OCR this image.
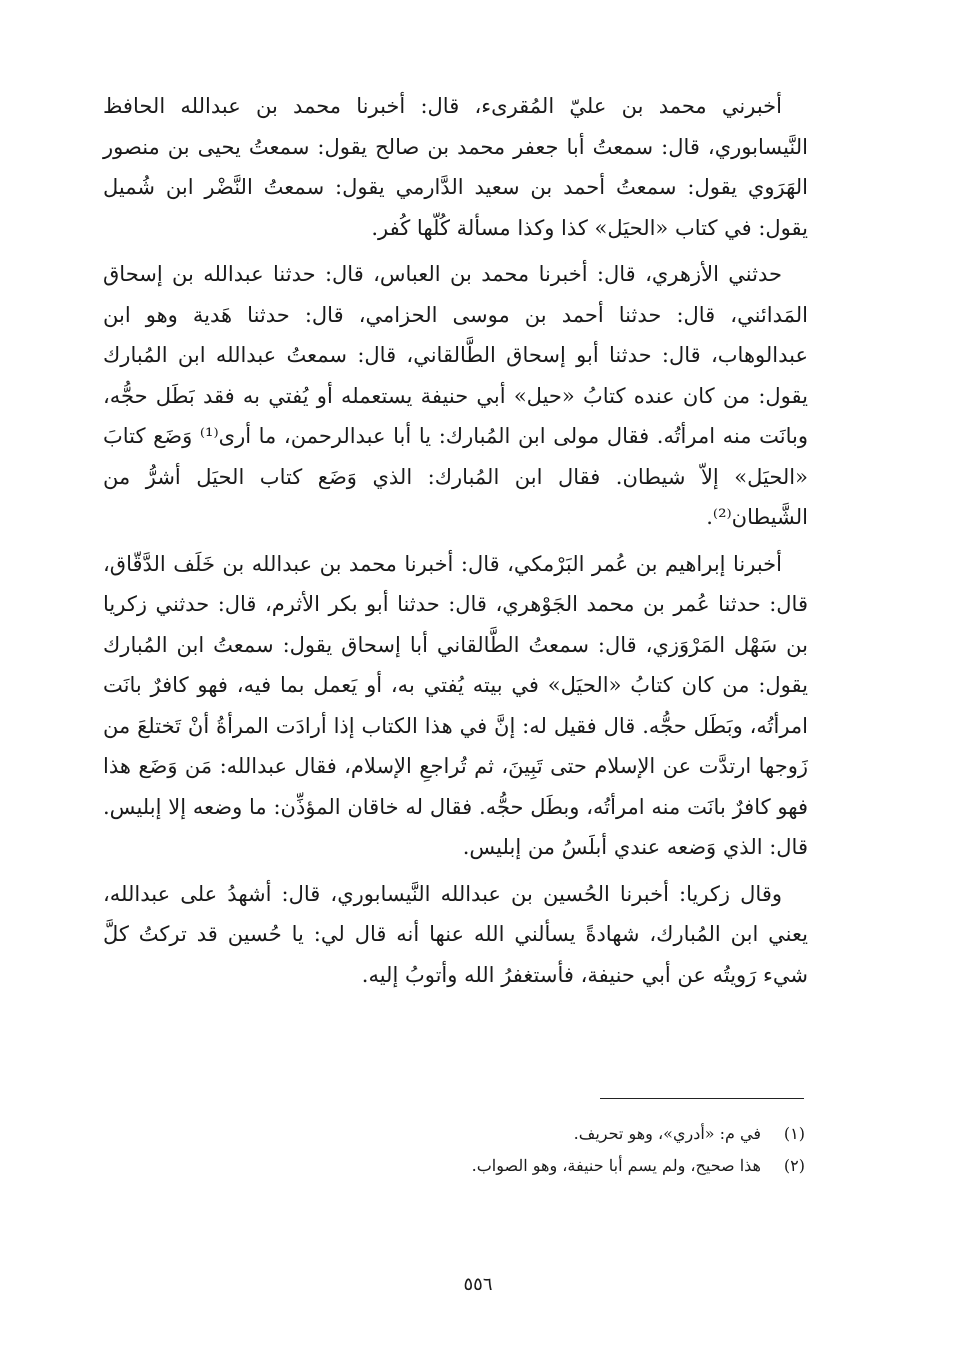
أخبرني محمد بن عليّ المُقرىء، قال: أخبرنا محمد بن عبدالله الحافظ النَّيسابوري، قال: سمعتُ أبا جعفر محمد بن صالح يقول: سمعتُ يحيى بن منصور الهَرَوي يقول: سمعتُ أحمد بن سعيد الدَّارمي يقول: سمعتُ النَّضْر ابن شُميل يقول: في كتاب «الحيَل» كذا وكذا مسألة كُلّها كُفر.

حدثني الأزهري، قال: أخبرنا محمد بن العباس، قال: حدثنا عبدالله بن إسحاق المَدائني، قال: حدثنا أحمد بن موسى الحزامي، قال: حدثنا هَدية وهو ابن عبدالوهاب، قال: حدثنا أبو إسحاق الطَّالقاني، قال: سمعتُ عبدالله ابن المُبارك يقول: من كان عنده كتابُ «حيل» أبي حنيفة يستعمله أو يُفتي به فقد بَطَل حجُّه، وبانَت منه امرأتُه. فقال مولى ابن المُبارك: يا أبا عبدالرحمن، ما أرى⁽¹⁾ وَضَع كتابَ «الحيَل» إلاّ شيطان. فقال ابن المُبارك: الذي وَضَع كتاب الحيَل أشرُّ من الشَّيطان⁽²⁾.

أخبرنا إبراهيم بن عُمر البَرْمكي، قال: أخبرنا محمد بن عبدالله بن خَلَف الدَّقّاق، قال: حدثنا عُمر بن محمد الجَوْهري، قال: حدثنا أبو بكر الأثرم، قال: حدثني زكريا بن سَهْل المَرْوَزي، قال: سمعتُ الطَّالقاني أبا إسحاق يقول: سمعتُ ابن المُبارك يقول: من كان كتابُ «الحيَل» في بيته يُفتي به، أو يَعمل بما فيه، فهو كافرٌ بانَت امرأتُه، وبَطَل حجُّه. قال فقيل له: إنَّ في هذا الكتاب إذا أرادَت المرأةُ أنْ تَختلعَ من زَوجها ارتدَّت عن الإسلام حتى تَبِينَ، ثم تُراجعِ الإسلام، فقال عبدالله: مَن وَضَع هذا فهو كافرٌ بانَت منه امرأتُه، وبطَل حجُّه. فقال له خاقان المؤذِّن: ما وضعه إلا إبليس. قال: الذي وَضعه عندي أبلَسُ من إبليس.

وقال زكريا: أخبرنا الحُسين بن عبدالله النَّيسابوري، قال: أشهدُ على عبدالله، يعني ابن المُبارك، شهادةً يسألني الله عنها أنه قال لي: يا حُسين قد تركتُ كلَّ شيء رَويتُه عن أبي حنيفة، فأستغفرُ الله وأتوبُ إليه.

(١)في م: «أدري»، وهو تحريف.
(٢)هذا صحيح، ولم يسم أبا حنيفة، وهو الصواب.
٥٥٦
